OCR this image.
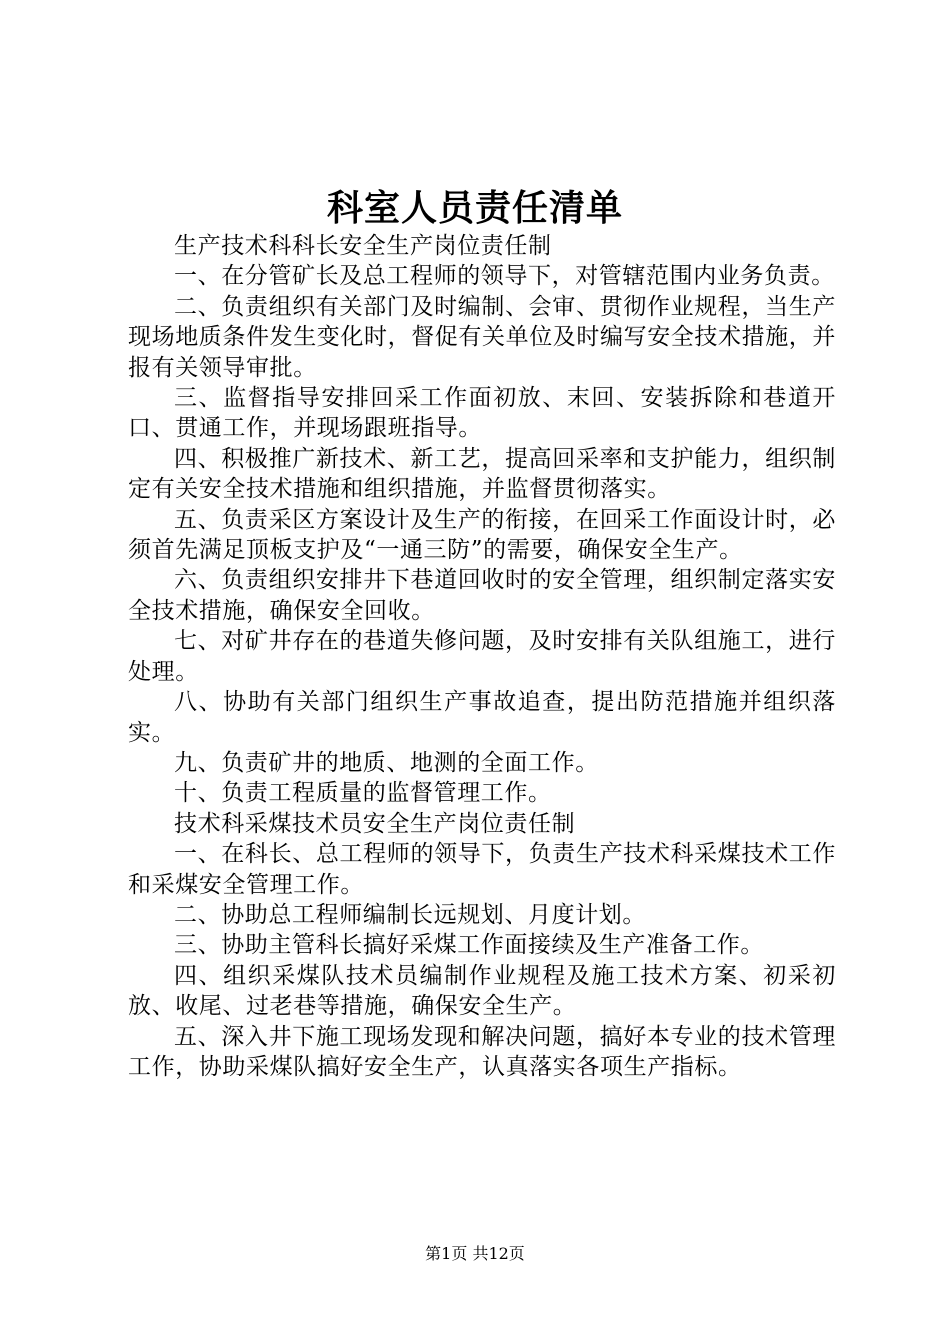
科室人员责任清单

生产技术科科长安全生产岗位责任制

一、在分管矿长及总工程师的领导下，对管辖范围内业务负责。

二、负责组织有关部门及时编制、会审、贯彻作业规程，当生产现场地质条件发生变化时，督促有关单位及时编写安全技术措施，并报有关领导审批。

三、监督指导安排回采工作面初放、末回、安装拆除和巷道开口、贯通工作，并现场跟班指导。

四、积极推广新技术、新工艺，提高回采率和支护能力，组织制定有关安全技术措施和组织措施，并监督贯彻落实。

五、负责采区方案设计及生产的衔接，在回采工作面设计时，必须首先满足顶板支护及“一通三防”的需要，确保安全生产。

六、负责组织安排井下巷道回收时的安全管理，组织制定落实安全技术措施，确保安全回收。

七、对矿井存在的巷道失修问题，及时安排有关队组施工，进行处理。

八、协助有关部门组织生产事故追查，提出防范措施并组织落实。

九、负责矿井的地质、地测的全面工作。

十、负责工程质量的监督管理工作。

技术科采煤技术员安全生产岗位责任制

一、在科长、总工程师的领导下，负责生产技术科采煤技术工作和采煤安全管理工作。

二、协助总工程师编制长远规划、月度计划。

三、协助主管科长搞好采煤工作面接续及生产准备工作。

四、组织采煤队技术员编制作业规程及施工技术方案、初采初放、收尾、过老巷等措施，确保安全生产。

五、深入井下施工现场发现和解决问题，搞好本专业的技术管理工作，协助采煤队搞好安全生产，认真落实各项生产指标。

第1页 共12页
